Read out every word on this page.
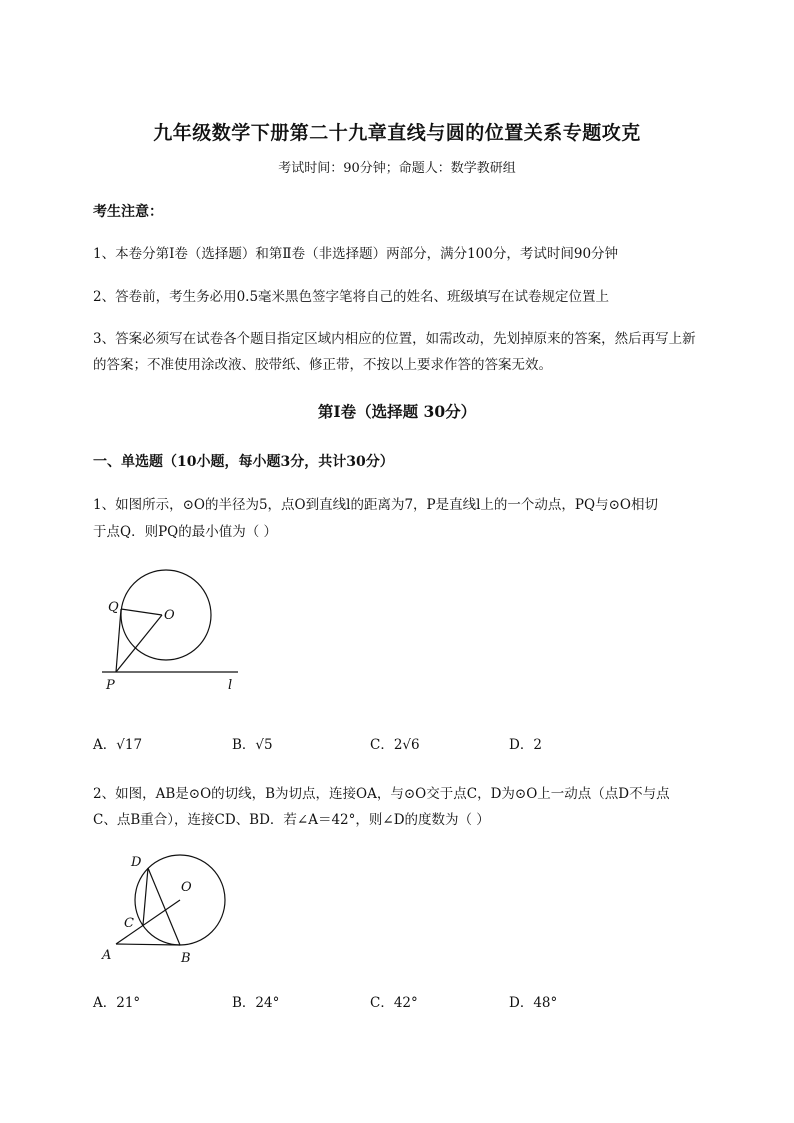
九年级数学下册第二十九章直线与圆的位置关系专题攻克
考试时间：90分钟；命题人：数学教研组
考生注意：
1、本卷分第I卷（选择题）和第Ⅱ卷（非选择题）两部分，满分100分，考试时间90分钟
2、答卷前，考生务必用0.5毫米黑色签字笔将自己的姓名、班级填写在试卷规定位置上
3、答案必须写在试卷各个题目指定区域内相应的位置，如需改动，先划掉原来的答案，然后再写上新
的答案；不准使用涂改液、胶带纸、修正带，不按以上要求作答的答案无效。
第I卷（选择题 30分）
一、单选题（10小题，每小题3分，共计30分）
1、如图所示，⊙O的半径为5，点O到直线l的距离为7，P是直线l上的一个动点，PQ与⊙O相切
于点Q．则PQ的最小值为（ ）
Q
O
P	l
A．√17	B．√5	C．2√6	D．2
2、如图，AB是⊙O的切线，B为切点，连接OA，与⊙O交于点C，D为⊙O上一动点（点D不与点
C、点B重合），连接CD、BD．若∠A＝42°，则∠D的度数为（ ）
D
O
C
A	B
A．21°	B．24°	C．42°	D．48°
